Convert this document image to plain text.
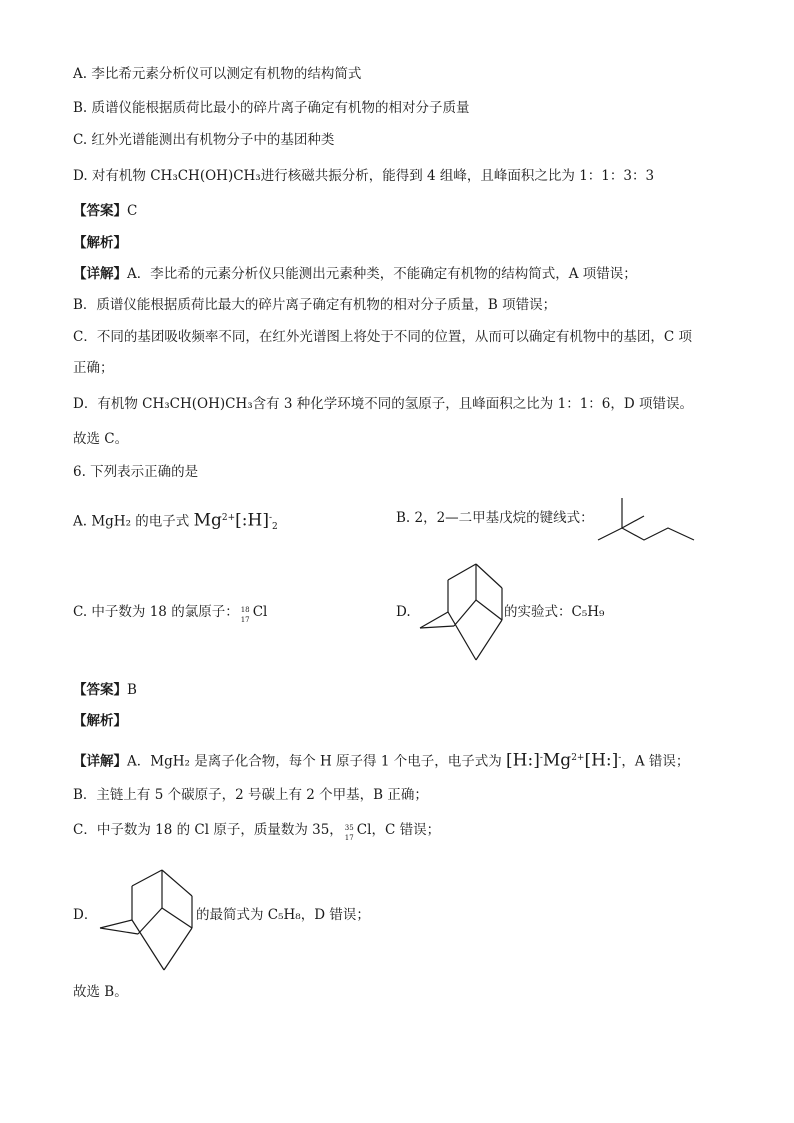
A. 李比希元素分析仪可以测定有机物的结构简式
B. 质谱仪能根据质荷比最小的碎片离子确定有机物的相对分子质量
C. 红外光谱能测出有机物分子中的基团种类
D. 对有机物 CH₃CH(OH)CH₃进行核磁共振分析，能得到 4 组峰，且峰面积之比为 1：1：3：3
【答案】C
【解析】
【详解】A．李比希的元素分析仪只能测出元素种类，不能确定有机物的结构简式，A 项错误；
B．质谱仪能根据质荷比最大的碎片离子确定有机物的相对分子质量，B 项错误；
C．不同的基团吸收频率不同，在红外光谱图上将处于不同的位置，从而可以确定有机物中的基团，C 项
正确；
D．有机物 CH₃CH(OH)CH₃含有 3 种化学环境不同的氢原子，且峰面积之比为 1：1：6，D 项错误。
故选 C。
6. 下列表示正确的是
A. MgH₂ 的电子式 $Mg^{2+}[:H]^-_2$
B. 2，2—二甲基戊烷的键线式：
C. 中子数为 18 的氯原子： 18
17 Cl	D.	的实验式：C₅H₉
【答案】B
【解析】
【详解】A．MgH₂ 是离子化合物，每个 H 原子得 1 个电子，电子式为 $[H:]^-Mg^{2+}[H:]^-$，A 错误；
B．主链上有 5 个碳原子，2 号碳上有 2 个甲基，B 正确；
C．中子数为 18 的 Cl 原子，质量数为 35， 35
17 Cl，C 错误；
D．	的最简式为 C₅H₈，D 错误；
故选 B。
